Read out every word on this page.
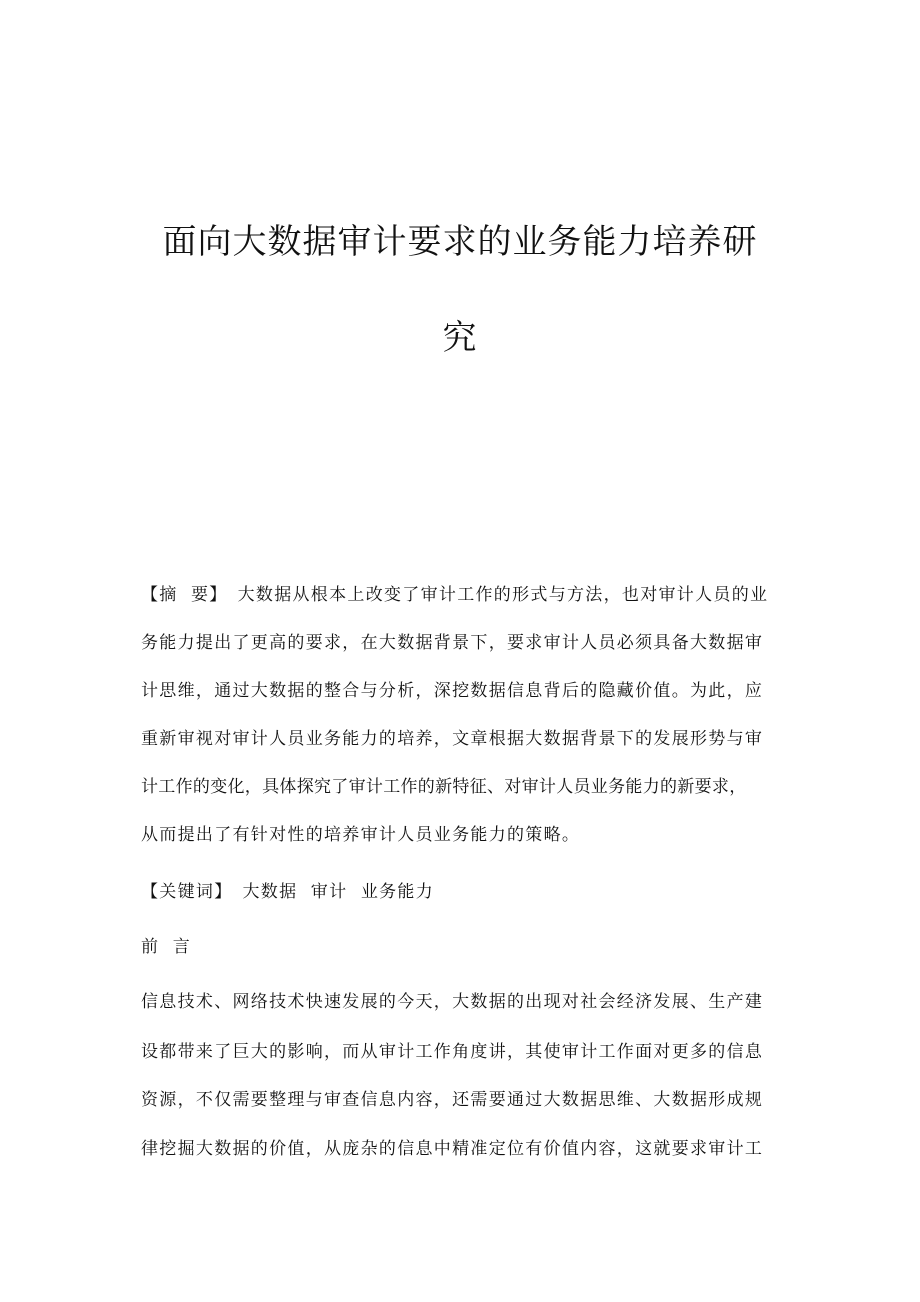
面向大数据审计要求的业务能力培养研
究
【摘  要】 大数据从根本上改变了审计工作的形式与方法，也对审计人员的业
务能力提出了更高的要求，在大数据背景下，要求审计人员必须具备大数据审
计思维，通过大数据的整合与分析，深挖数据信息背后的隐藏价值。为此，应
重新审视对审计人员业务能力的培养，文章根据大数据背景下的发展形势与审
计工作的变化，具体探究了审计工作的新特征、对审计人员业务能力的新要求，
从而提出了有针对性的培养审计人员业务能力的策略。
【关键词】 大数据  审计  业务能力
前  言
信息技术、网络技术快速发展的今天，大数据的出现对社会经济发展、生产建
设都带来了巨大的影响，而从审计工作角度讲，其使审计工作面对更多的信息
资源，不仅需要整理与审查信息内容，还需要通过大数据思维、大数据形成规
律挖掘大数据的价值，从庞杂的信息中精准定位有价值内容，这就要求审计工
